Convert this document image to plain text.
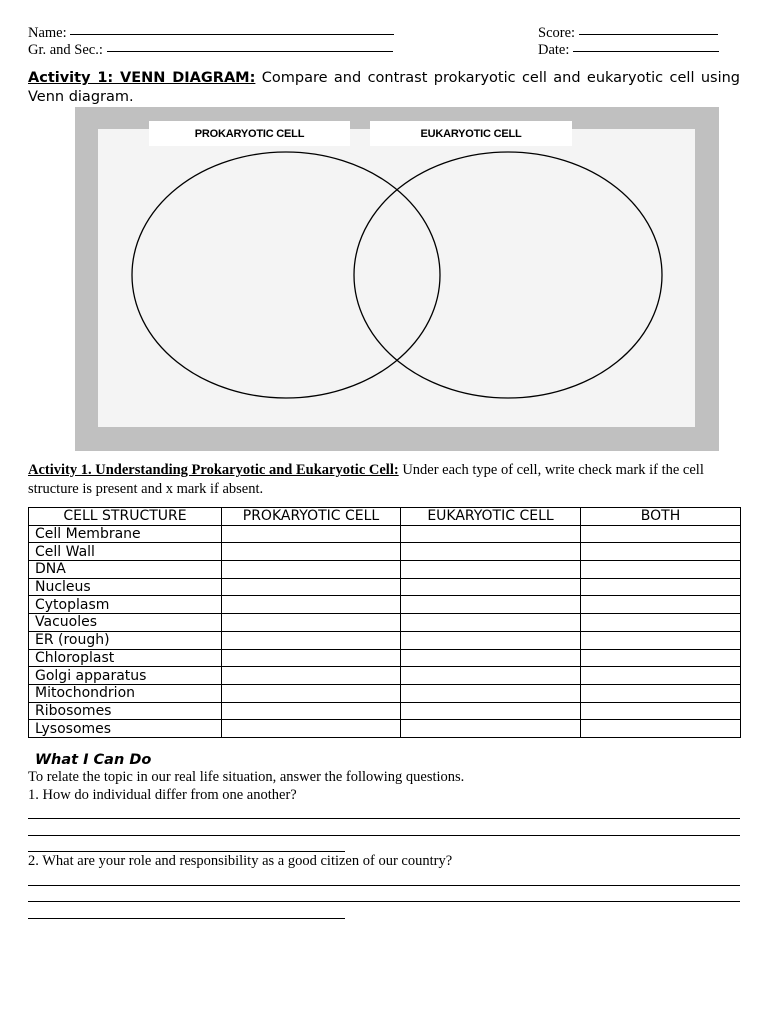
Name:	Score:
Gr. and Sec.:	Date:
Activity 1: VENN DIAGRAM: Compare and contrast prokaryotic cell and eukaryotic cell using Venn diagram.
PROKARYOTIC CELL	EUKARYOTIC CELL
Activity 1. Understanding Prokaryotic and Eukaryotic Cell: Under each type of cell, write check mark if the cell structure is present and x mark if absent.
CELL STRUCTURE	PROKARYOTIC CELL	EUKARYOTIC CELL	BOTH
Cell Membrane			
Cell Wall			
DNA			
Nucleus			
Cytoplasm			
Vacuoles			
ER (rough)			
Chloroplast			
Golgi apparatus			
Mitochondrion			
Ribosomes			
Lysosomes			
What I Can Do
To relate the topic in our real life situation, answer the following questions.
1. How do individual differ from one another?
2. What are your role and responsibility as a good citizen of our country?
